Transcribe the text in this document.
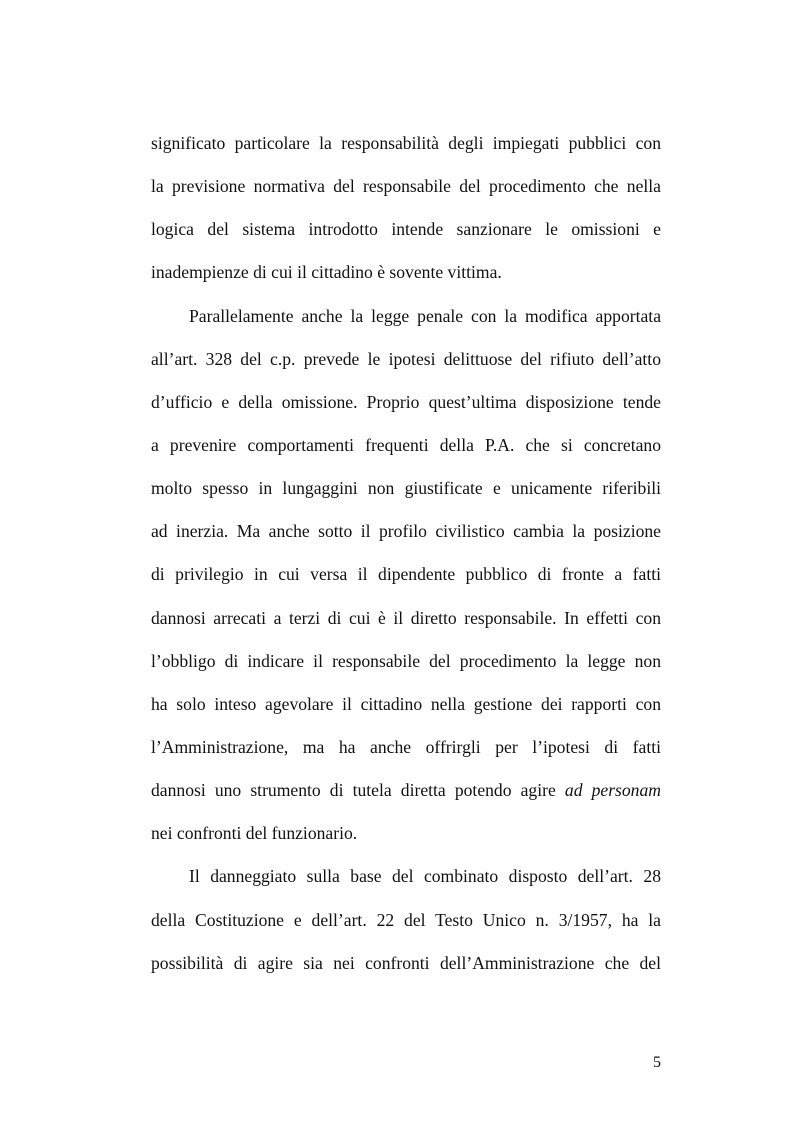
significato particolare la responsabilità degli impiegati pubblici con
la previsione normativa del responsabile del procedimento che nella
logica del sistema introdotto intende sanzionare le omissioni e
inadempienze di cui il cittadino è sovente vittima.
Parallelamente anche la legge penale con la modifica apportata
all’art. 328 del c.p. prevede le ipotesi delittuose del rifiuto dell’atto
d’ufficio e della omissione. Proprio quest’ultima disposizione tende
a prevenire comportamenti frequenti della P.A. che si concretano
molto spesso in lungaggini non giustificate e unicamente riferibili
ad inerzia. Ma anche sotto il profilo civilistico cambia la posizione
di privilegio in cui versa il dipendente pubblico di fronte a fatti
dannosi arrecati a terzi di cui è il diretto responsabile. In effetti con
l’obbligo di indicare il responsabile del procedimento la legge non
ha solo inteso agevolare il cittadino nella gestione dei rapporti con
l’Amministrazione, ma ha anche offrirgli per l’ipotesi di fatti
dannosi uno strumento di tutela diretta potendo agire ad personam
nei confronti del funzionario.
Il danneggiato sulla base del combinato disposto dell’art. 28
della Costituzione e dell’art. 22 del Testo Unico n. 3/1957, ha la
possibilità di agire sia nei confronti dell’Amministrazione che del
5
